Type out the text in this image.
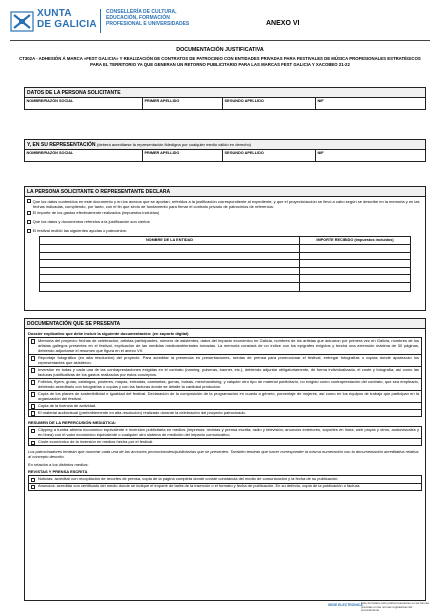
XUNTA
DE GALICIA
CONSELLERÍA DE CULTURA,
EDUCACIÓN, FORMACIÓN
PROFESIONAL E UNIVERSIDADES	ANEXO VI
DOCUMENTACIÓN JUSTIFICATIVA
CT302A - ADHESIÓN Á MARCA «FEST GALICIA» Y REALIZACIÓN DE CONTRATOS DE PATROCINIO CON ENTIDADES PRIVADAS PARA FESTIVALES DE MÚSICA PROFESIONALES ESTRATÉGICOS PARA EL TERRITORIO YA QUE GENERAN UN RETORNO PUBLICITARIO PARA LAS MARCAS FEST GALICIA Y XACOBEO 21-22
DATOS DE LA PERSONA SOLICITANTE
NOMBRE/RAZÓN SOCIAL	PRIMER APELLIDO	SEGUNDO APELLIDO	NIF
Y, EN SU REPRESENTACIÓN (deberá acreditarse la representación fidedigna por cualquier medio válido en derecho)
NOMBRE/RAZÓN SOCIAL	PRIMER APELLIDO	SEGUNDO APELLIDO	NIF
LA PERSONA SOLICITANTE O REPRESENTANTE DECLARA
Que los datos contenidos en este documento y en los anexos que se aportan, referidos a la justificación correspondiente al expediente, y que el proyecto/acción se llevó a cabo según se describe en la memoria y en las fechas indicadas, cumpliendo, por tanto, con el fin que sirvió de fundamento para firmar el contrato privado de patrocinios de referencia.
El importe de los gastos efectivamente realizados (impuestos incluidos)
Que los datos y documentos referidos a la justificación son ciertos
El festival recibió las siguientes ayudas o patrocinios:
NOMBRE DE LA ENTIDAD	IMPORTE RECIBIDO (impuestos incluidos)
DOCUMENTACIÓN QUE SE PRESENTA
Dossier explicativo que debe incluir la siguiente documentación: (en soporte digital)
Memoria del proyecto: fechas de celebración, artistas participantes, número de asistentes, datos del impacto económico en Galicia, nombres de los artistas que actuaron por primera vez en Galicia, nombres de los artistas gallegos presentes en el festival, explicación de las medidas medioambientales tomadas. La memoria constará de un índice con los epígrafes exigidos y tendrá una extensión máxima de 30 páginas, debiendo adjuntarse el resumen que figura en el anexo VII.
Reportaje fotográfico (en alta resolución) del proyecto. Para acreditar la presencia en presentaciones, ruedas de prensa para promocionar el festival, entregar fotografías o copias donde aparezcan los representantes que asistieron.
Inversión en todas y cada una de las contraprestaciones exigidas en el contrato (naming, pulseras, banner, etc.), debiendo adjuntar obligatoriamente, de forma individualizada, el coste y fotografía, así como las facturas justificativas de los gastos realizados por estos conceptos.
Folletos, flyers, guías, catálogos, pósteres, mapas, entradas, camisetas, gorras, bolsas, merchandising, y calquier otro tipo de material publicitario, no exigido como contraprestación del contrato, que sea empleado, debiendo acreditarlo con fotografías o copias y con las facturas donde se detalle la cantidad producida.
Copia de los planes de sostenibilidad e igualdad del festival. Declaración de la composición de la programación en cuanto a género, porcentaje de mujeres, así como en los equipos de trabajo que participan en la organización del festival.
Copia de la licencia de actividad.
El material audiovisual (preferiblemente en alta resolución) realizado durante la celebración del proyecto patrocinado.
RESUMEN DE LA REPERCUSIÓN MEDIÁTICA:
Clipping a tumba abierta económico equivalente e inversión publicitaria en medios (impresos: revistas y prensa escrita; radio y televisión; anuncios exteriores, soportes en línea, web propia y otros, audiovisuales y en línea) con el valor económico equivalente o cualquier otro sistema de medición del impacto comunicativo.
Coste económico de la inversión en medios hecha por el festival.
Los patrocinadores tendrán que numerar cada una de las acciones promocionales/publicitarias que se presenten. También tendrán que hacer corresponder la misma numeración con la documentación acreditativa relativa al concepto descrito.
En relación a los distintos medios:
REVISTAS Y PRENSA ESCRITA
Noticias: acreditar con recopilación de recortes de prensa, copia de la página completa donde conste constancia del medio de comunicación y la fecha de su publicación.
Anuncios: acreditar con certificado del medio donde se indique el importe de tarifa de la inserción o el formato y fecha de publicación. En su defecto, copia de la publicación o factura.
SEDE ELECTRÓNICA
Este formulario sólo podrá presentarse en las formas previstas en las normas reguladoras del procedimiento.
